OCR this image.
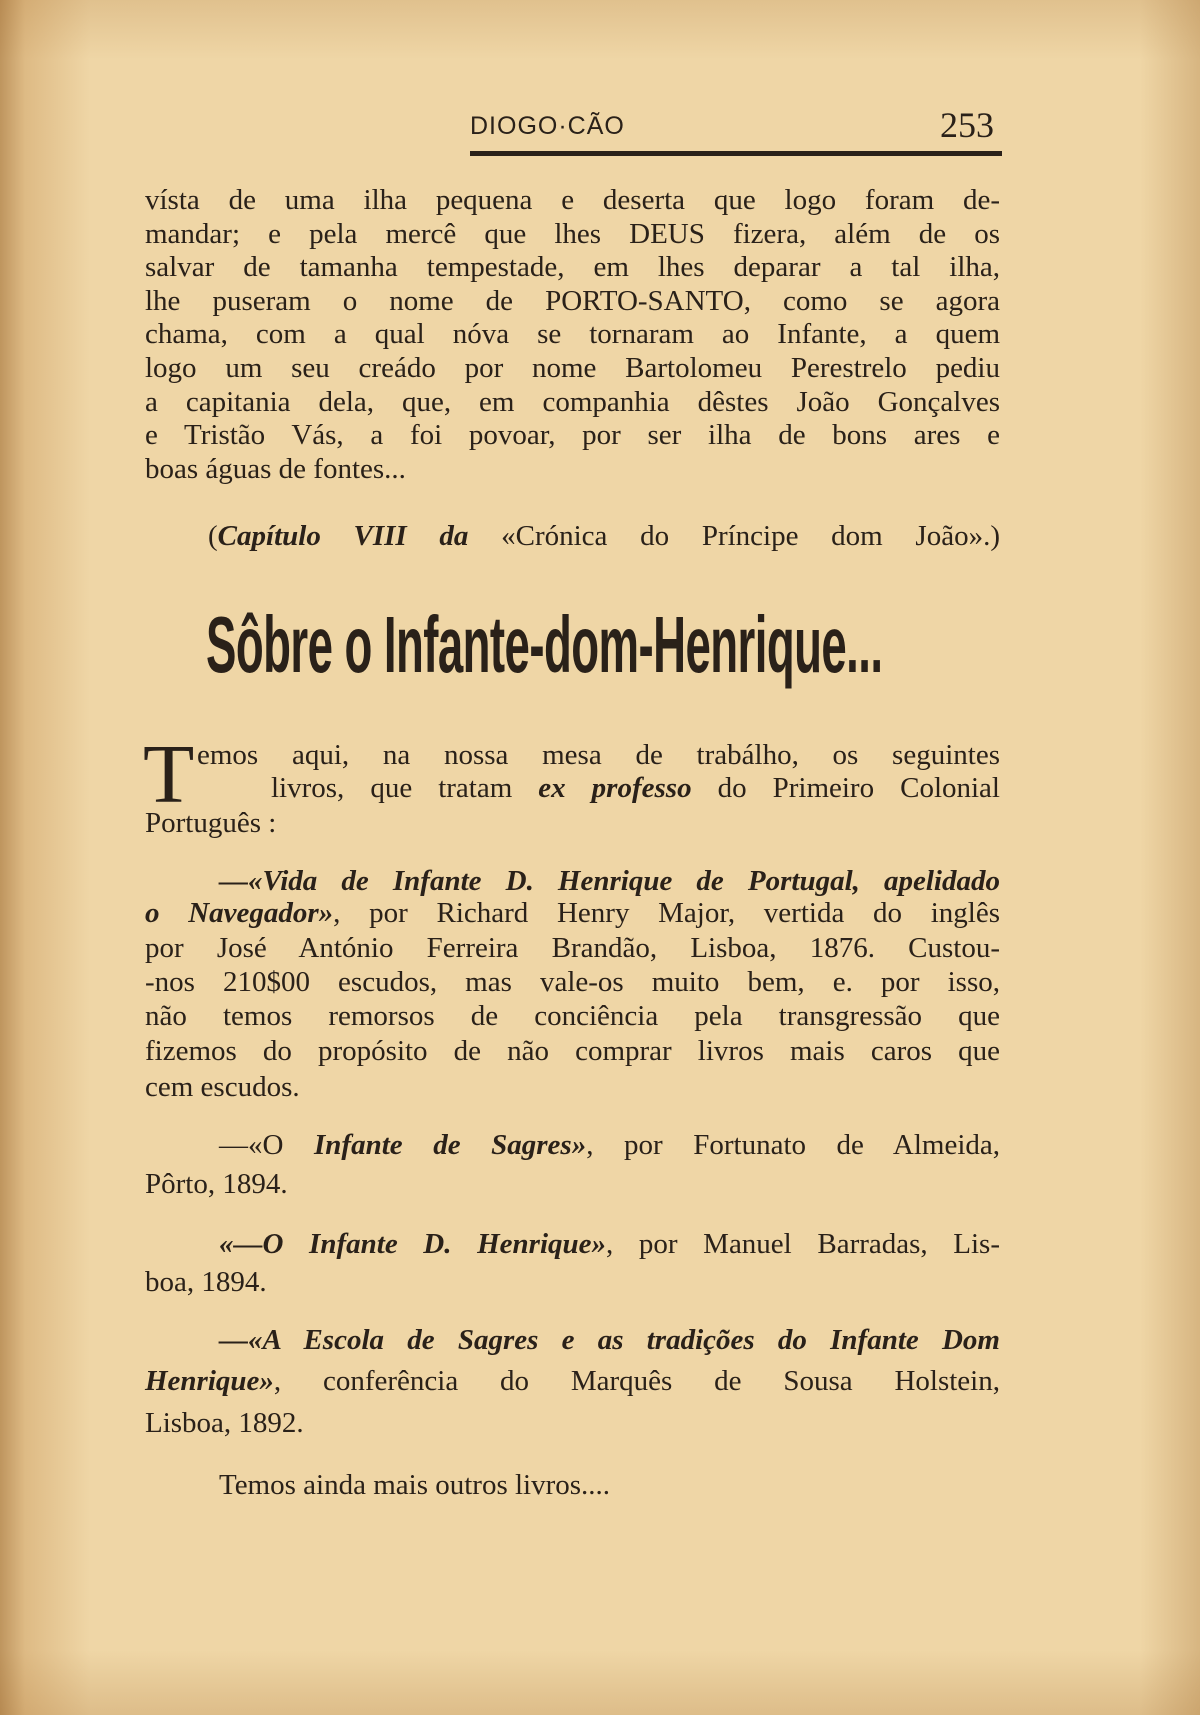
DIOGO·CÃO	253
vísta de uma ilha pequena e deserta que logo foram de-
mandar; e pela mercê que lhes DEUS fizera, além de os
salvar de tamanha tempestade, em lhes deparar a tal ilha,
lhe puseram o nome de PORTO-SANTO, como se agora
chama, com a qual nóva se tornaram ao Infante, a quem
logo um seu creádo por nome Bartolomeu Perestrelo pediu
a capitania dela, que, em companhia dêstes João Gonçalves
e Tristão Vás, a foi povoar, por ser ilha de bons ares e
boas águas de fontes...
(Capítulo VIII da «Crónica do Príncipe dom João».)
Sôbre o Infante-dom-Henrique...
T emos aqui, na nossa mesa de trabálho, os seguintes
livros, que tratam ex professo do Primeiro Colonial
Português :
—«Vida de Infante D. Henrique de Portugal, apelidado
o Navegador», por Richard Henry Major, vertida do inglês
por José António Ferreira Brandão, Lisboa, 1876. Custou-
-nos 210$00 escudos, mas vale-os muito bem, e. por isso,
não temos remorsos de conciência pela transgressão que
fizemos do propósito de não comprar livros mais caros que
cem escudos.
—«O Infante de Sagres», por Fortunato de Almeida,
Pôrto, 1894.
«—O Infante D. Henrique», por Manuel Barradas, Lis-
boa, 1894.
—«A Escola de Sagres e as tradições do Infante Dom
Henrique», conferência do Marquês de Sousa Holstein,
Lisboa, 1892.
Temos ainda mais outros livros....
